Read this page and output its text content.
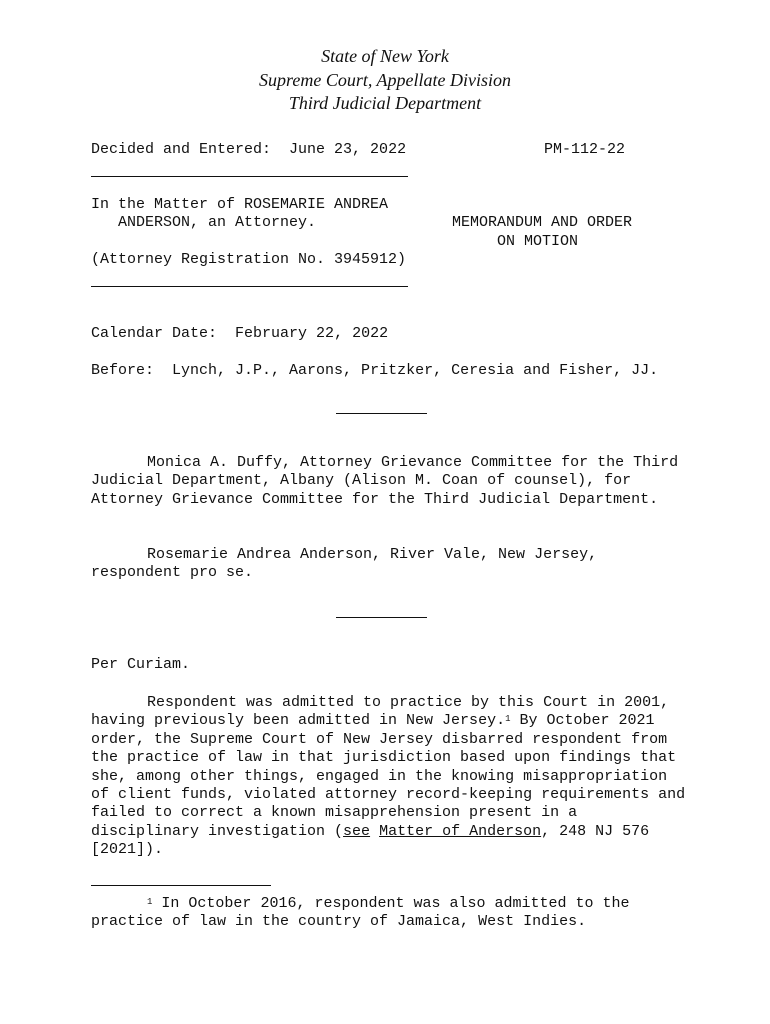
State of New York
Supreme Court, Appellate Division
Third Judicial Department
Decided and Entered: June 23, 2022	PM-112-22
In the Matter of ROSEMARIE ANDREA
ANDERSON, an Attorney.
(Attorney Registration No. 3945912)
MEMORANDUM AND ORDER
ON MOTION
Calendar Date: February 22, 2022
Before: Lynch, J.P., Aarons, Pritzker, Ceresia and Fisher, JJ.
Monica A. Duffy, Attorney Grievance Committee for the Third Judicial Department, Albany (Alison M. Coan of counsel), for Attorney Grievance Committee for the Third Judicial Department.
Rosemarie Andrea Anderson, River Vale, New Jersey, respondent pro se.
Per Curiam.
Respondent was admitted to practice by this Court in 2001, having previously been admitted in New Jersey.$^1$ By October 2021 order, the Supreme Court of New Jersey disbarred respondent from the practice of law in that jurisdiction based upon findings that she, among other things, engaged in the knowing misappropriation of client funds, violated attorney record-keeping requirements and failed to correct a known misapprehension present in a disciplinary investigation (see Matter of Anderson, 248 NJ 576 [2021]).
$^1$ In October 2016, respondent was also admitted to the practice of law in the country of Jamaica, West Indies.
